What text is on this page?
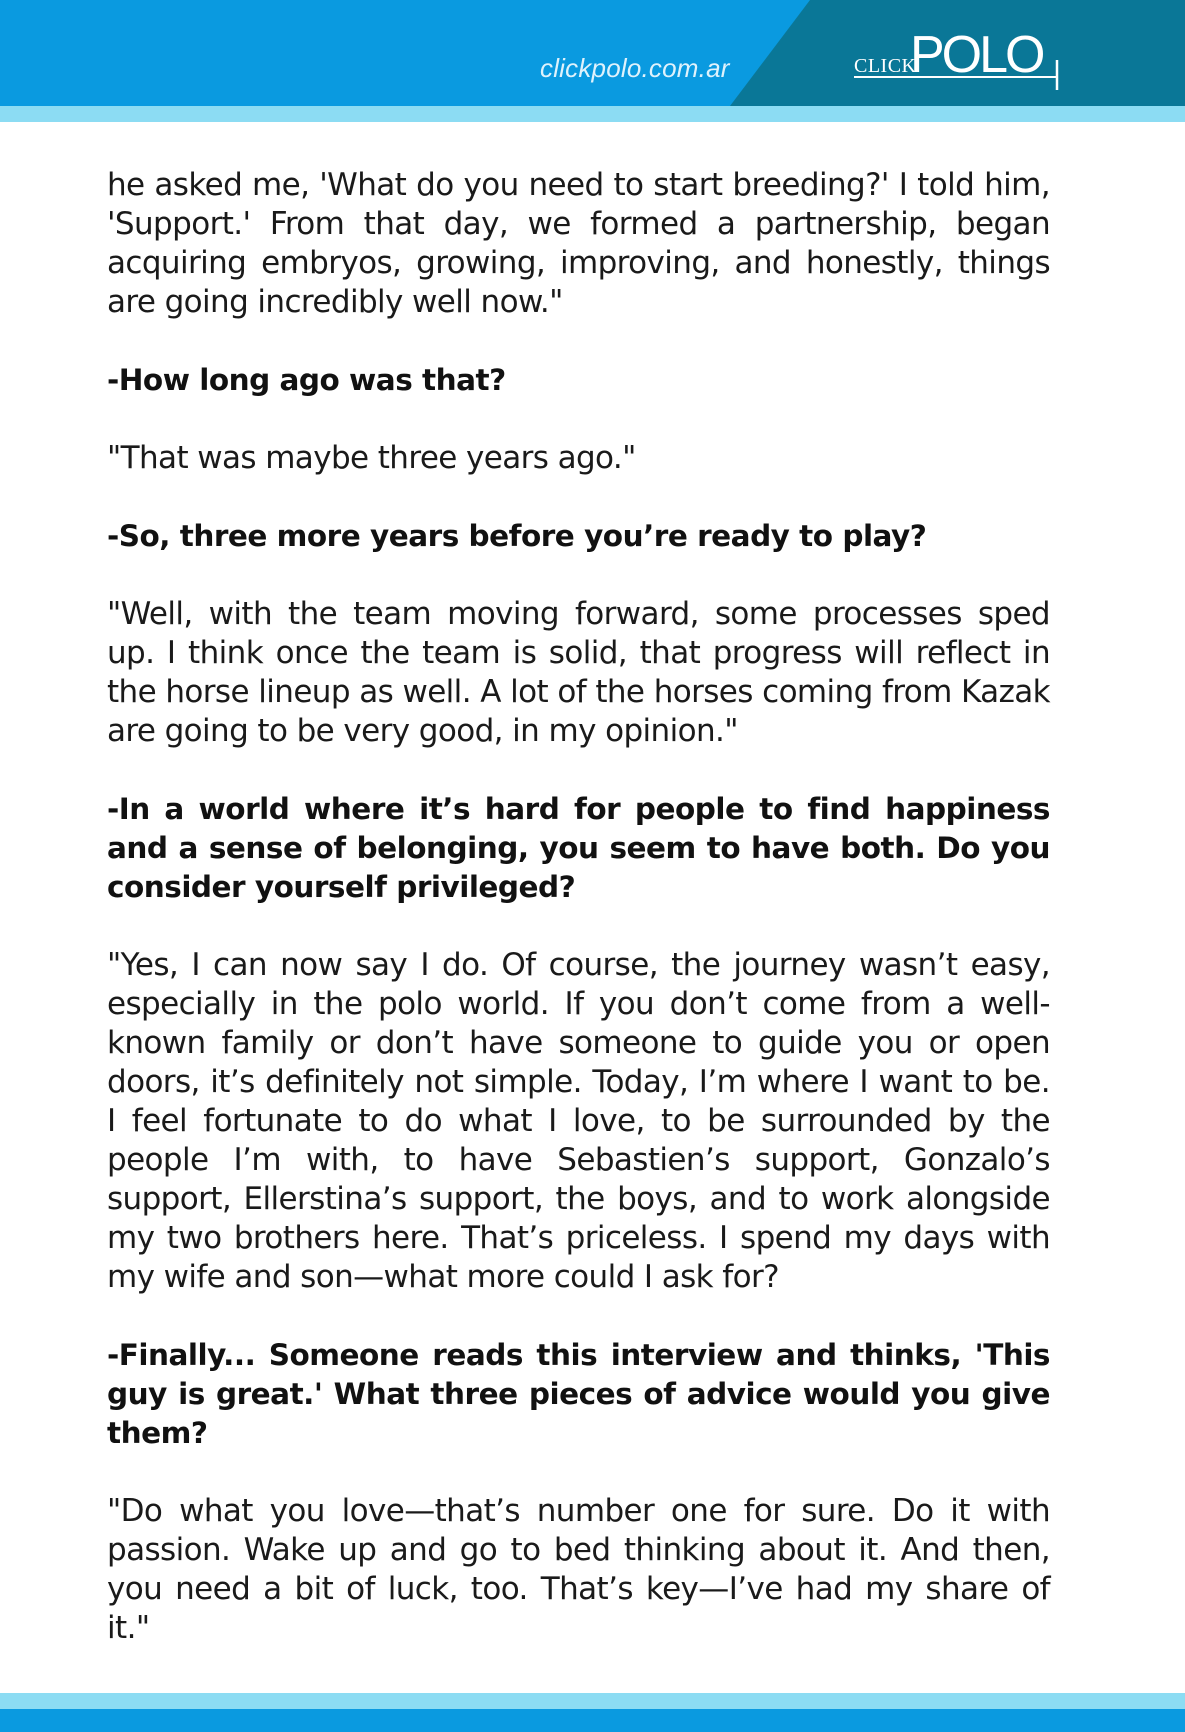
clickpolo.com.ar	CLICK
POLO

he asked me, 'What do you need to start breeding?' I told him, 'Support.' From that day, we formed a partnership, began acquiring embryos, growing, improving, and honestly, things are going incredibly well now."

-How long ago was that?

"That was maybe three years ago."

-So, three more years before you’re ready to play?

"Well, with the team moving forward, some processes sped up. I think once the team is solid, that progress will reflect in the horse lineup as well. A lot of the horses coming from Kazak are going to be very good, in my opinion."

-In a world where it’s hard for people to find happiness and a sense of belonging, you seem to have both. Do you consider yourself privileged?

"Yes, I can now say I do. Of course, the journey wasn’t easy, especially in the polo world. If you don’t come from a well-known family or don’t have someone to guide you or open doors, it’s definitely not simple. Today, I’m where I want to be. I feel fortunate to do what I love, to be surrounded by the people I’m with, to have Sebastien’s support, Gonzalo’s support, Ellerstina’s support, the boys, and to work alongside my two brothers here. That’s priceless. I spend my days with my wife and son—what more could I ask for?

-Finally... Someone reads this interview and thinks, 'This guy is great.' What three pieces of advice would you give them?

"Do what you love—that’s number one for sure. Do it with passion. Wake up and go to bed thinking about it. And then, you need a bit of luck, too. That’s key—I’ve had my share of it."
